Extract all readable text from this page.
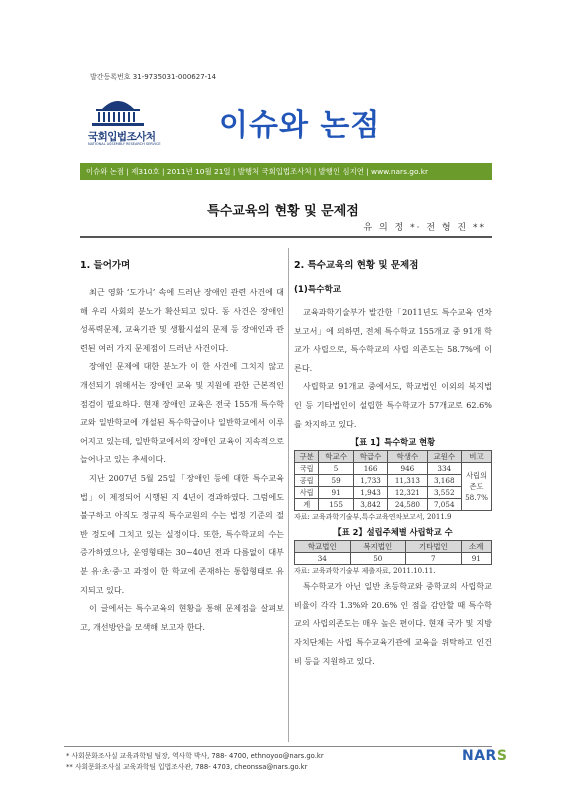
발간등록번호 31-9735031-000627-14
국회입법조사처
NATIONAL ASSEMBLY RESEARCH SERVICE
이슈와 논점
이슈와 논점 | 제310호 | 2011년 10월 21일 | 발행처 국회입법조사처 | 발행인 심지연 | www.nars.go.kr
특수교육의 현황 및 문제점
유 의 정 *· 전 형 진 **
1. 들어가며

최근 영화 ‘도가니’ 속에 드러난 장애인 관련 사건에 대해 우리 사회의 분노가 확산되고 있다. 동 사건은 장애인 성폭력문제, 교육기관 및 생활시설의 문제 등 장애인과 관련된 여러 가지 문제점이 드러난 사건이다.

장애인 문제에 대한 분노가 이 한 사건에 그치지 않고 개선되기 위해서는 장애인 교육 및 지원에 관한 근본적인 점검이 필요하다. 현재 장애인 교육은 전국 155개 특수학교와 일반학교에 개설된 특수학급이나 일반학교에서 이루어지고 있는데, 일반학교에서의 장애인 교육이 지속적으로 늘어나고 있는 추세이다.

지난 2007년 5월 25일「장애인 등에 대한 특수교육법」이 제정되어 시행된 지 4년이 경과하였다. 그럼에도 불구하고 아직도 정규직 특수교원의 수는 법정 기준의 절반 정도에 그치고 있는 실정이다. 또한, 특수학교의 수는 증가하였으나, 운영형태는 30~40년 전과 다름없이 대부분 유·초·중·고 과정이 한 학교에 존재하는 통합형태로 유지되고 있다.

이 글에서는 특수교육의 현황을 통해 문제점을 살펴보고, 개선방안을 모색해 보고자 한다.

2. 특수교육의 현황 및 문제점
(1)특수학교

교육과학기술부가 발간한「2011년도 특수교육 연차보고서」에 의하면, 전체 특수학교 155개교 중 91개 학교가 사립으로, 특수학교의 사립 의존도는 58.7%에 이른다.

사립학교 91개교 중에서도, 학교법인 이외의 복지법인 등 기타법인이 설립한 특수학교가 57개교로 62.6%를 차지하고 있다.

【표 1】특수학교 현황
구분	학교수	학급수	학생수	교원수	비고
국립	5	166	946	334	사립의 존도 58.7%
공립	59	1,733	11,313	3,168	
사립	91	1,943	12,321	3,552	
계	155	3,842	24,580	7,054	

자료: 교육과학기술부,특수교육연차보고서, 2011.9

【표 2】설립주체별 사립학교 수
학교법인	복지법인	기타법인	소계
34	50	7	91

자료: 교육과학기술부 제출자료, 2011.10.11.

특수학교가 아닌 일반 초등학교와 중학교의 사립학교 비율이 각각 1.3%와 20.6% 인 점을 감안할 때 특수학교의 사립의존도는 매우 높은 편이다. 현재 국가 및 지방자치단체는 사립 특수교육기관에 교육을 위탁하고 인건비 등을 지원하고 있다.

* 사회문화조사실 교육과학팀 팀장, 역사학 박사, 788- 4700, ethnoyoo@nars.go.kr
** 사회문화조사실 교육과학팀 입법조사관, 788- 4703, cheonssa@nars.go.kr
NARS
